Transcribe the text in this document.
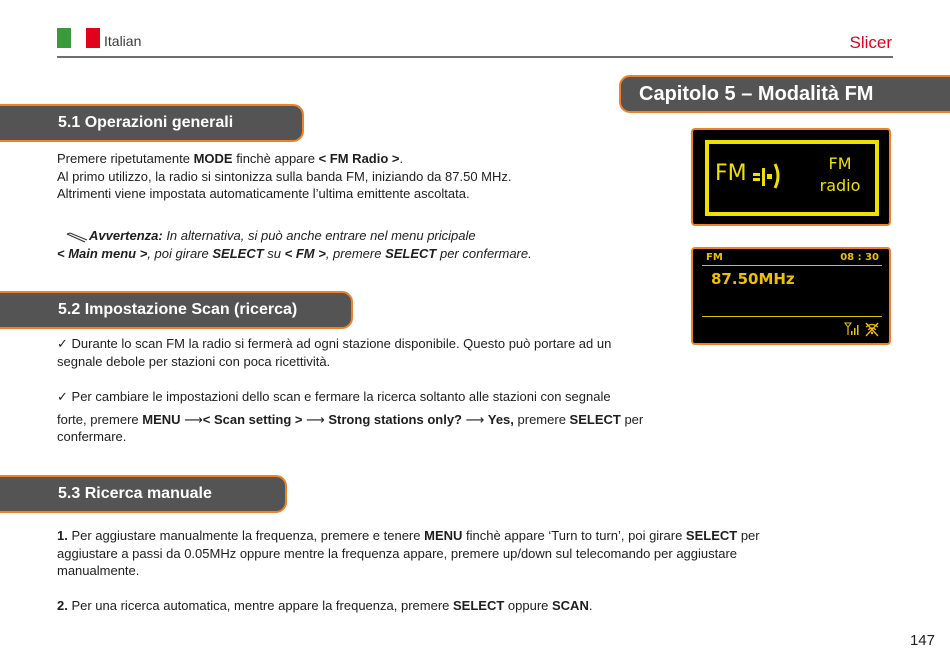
Italian	Slicer
Capitolo 5 – Modalità FM
5.1 Operazioni generali
Premere ripetutamente MODE finchè appare < FM Radio >.
Al primo utilizzo, la radio si sintonizza sulla banda FM, iniziando da 87.50 MHz.
Altrimenti viene impostata automaticamente l’ultima emittente ascoltata.
Avvertenza: In alternativa, si può anche entrare nel menu pricipale
< Main menu >, poi girare SELECT su < FM >, premere SELECT per confermare.
5.2 Impostazione Scan (ricerca)
✓ Durante lo scan FM la radio si fermerà ad ogni stazione disponibile. Questo può portare ad un
segnale debole per stazioni con poca ricettività.
✓ Per cambiare le impostazioni dello scan e fermare la ricerca soltanto alle stazioni con segnale
forte, premere MENU ⟶< Scan setting > ⟶ Strong stations only? ⟶ Yes, premere SELECT per
confermare.
5.3 Ricerca manuale
1. Per aggiustare manualmente la frequenza, premere e tenere MENU finchè appare ‘Turn to turn’, poi girare SELECT per
aggiustare a passi da 0.05MHz oppure mentre la frequenza appare, premere up/down sul telecomando per aggiustare
manualmente.
2. Per una ricerca automatica, mentre appare la frequenza, premere SELECT oppure SCAN.
FM	FM
radio
FM	08 : 30
87.50MHz
147
